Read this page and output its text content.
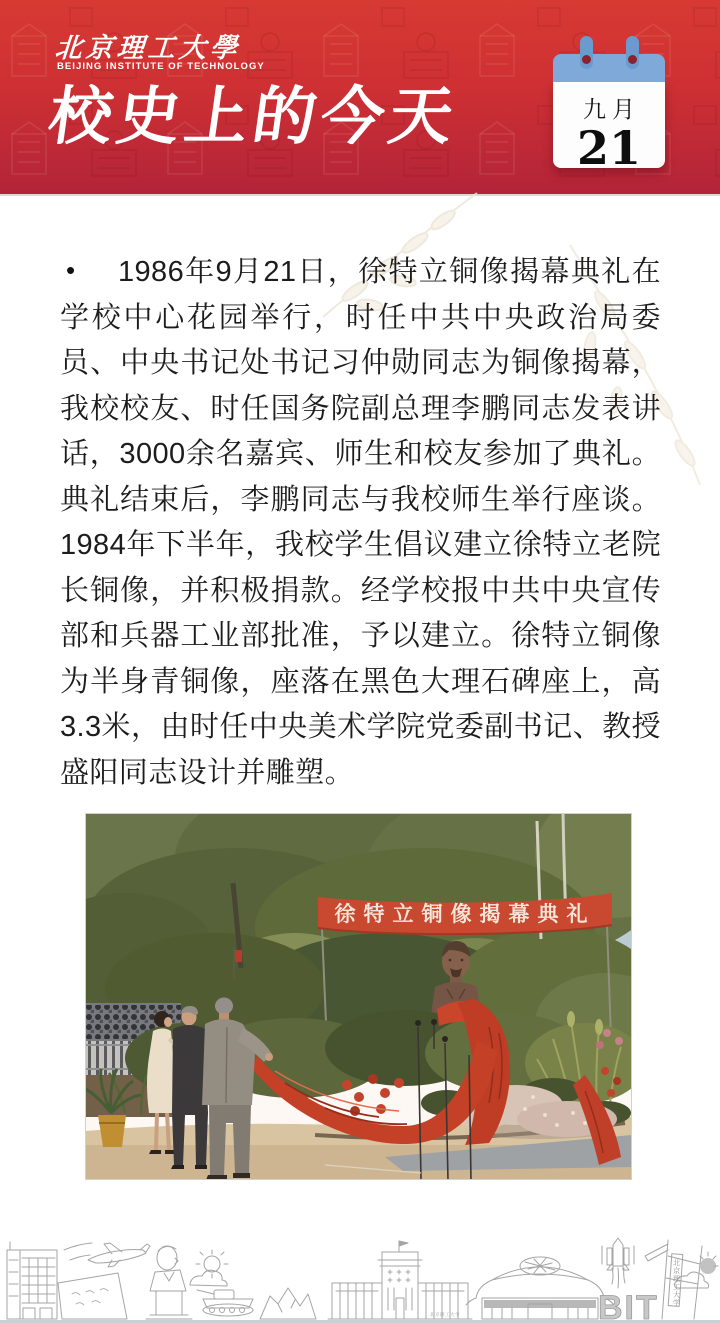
北京理工大學
BEIJING INSTITUTE OF TECHNOLOGY
校史上的今天	九月
21
•	1986年9月21日，徐特立铜像揭幕典礼在学校中心花园举行，时任中共中央政治局委员、中央书记处书记习仲勋同志为铜像揭幕，我校校友、时任国务院副总理李鹏同志发表讲话，3000余名嘉宾、师生和校友参加了典礼。典礼结束后，李鹏同志与我校师生举行座谈。1984年下半年，我校学生倡议建立徐特立老院长铜像，并积极捐款。经学校报中共中央宣传部和兵器工业部批准，予以建立。徐特立铜像为半身青铜像，座落在黑色大理石碑座上，高3.3米，由时任中央美术学院党委副书记、教授盛阳同志设计并雕塑。

徐特立铜像揭幕典礼
北京理工大学	BIT
北京理工大学
